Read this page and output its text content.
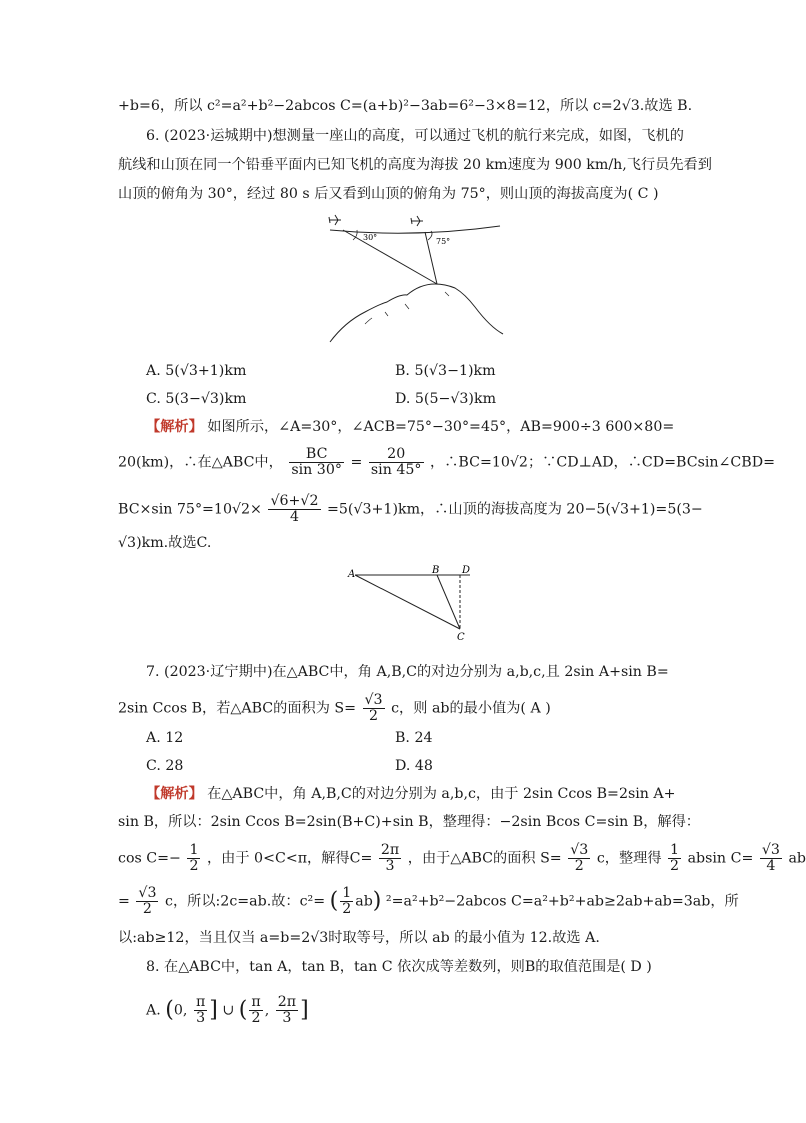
+b=6，所以 c²=a²+b²−2abcos C=(a+b)²−3ab=6²−3×8=12，所以 c=2√3.故选 B.
6. (2023·运城期中)想测量一座山的高度，可以通过飞机的航行来完成，如图，飞机的
航线和山顶在同一个铅垂平面内已知飞机的高度为海拔 20 km速度为 900 km/h,飞行员先看到
山顶的俯角为 30°，经过 80 s 后又看到山顶的俯角为 75°，则山顶的海拔高度为( C )
30°	75°
A. 5(√3+1)km	B. 5(√3−1)km
C. 5(3−√3)km	D. 5(5−√3)km
【解析】 如图所示，∠A=30°，∠ACB=75°−30°=45°，AB=900÷3 600×80=
20(km)，∴在△ABC中， $\frac{BC}{\sin 30^\circ} = \frac{20}{\sin 45^\circ}$ ，∴BC=10√2；∵CD⊥AD，∴CD=BCsin∠CBD=
BC×sin $75^\circ=10√2\times \frac{√6+√2}{4} =5(√3+1)km$，∴山顶的海拔高度为 20−5(√3+1)=5(3−
√3)km.故选C.
A	B D
C
7. (2023·辽宁期中)在△ABC中，角 A,B,C的对边分别为 a,b,c,且 2sin A+sin B=
2sin Ccos B，若△ABC的面积为 $S= \frac{√3}{2}$ c，则 ab的最小值为( A )
A. 12	B. 24
C. 28	D. 48
【解析】 在△ABC中，角 A,B,C的对边分别为 a,b,c，由于 2sin Ccos B=2sin A+
sin B，所以：2sin Ccos B=2sin(B+C)+sin B，整理得：−2sin Bcos C=sin B，解得：
$\cos C=- \frac{1}{2}$ ，由于 0<C<π，解得$C= \frac{2\pi}{3}$ ，由于△ABC的面积 $S= \frac{√3}{2}$ c，整理得 $\frac{1}{2}$ absin $C= \frac{√3}{4}$ ab
= $\frac{√3}{2}$ c，所以:2c=ab.故：c²= ( $\frac{1}{2} ab$) ²=a²+b²−2abcos C=a²+b²+ab≥2ab+ab=3ab，所
以:ab≥12，当且仅当 a=b=2√3时取等号，所以 ab 的最小值为 12.故选 A.
8. 在△ABC中，tan A，tan B，tan C 依次成等差数列，则B的取值范围是( D )
A. (0, $\frac{\pi}{3}$ ] ∪ ( $\frac{\pi}{2}$ , $\frac{2\pi}{3}$ ]
